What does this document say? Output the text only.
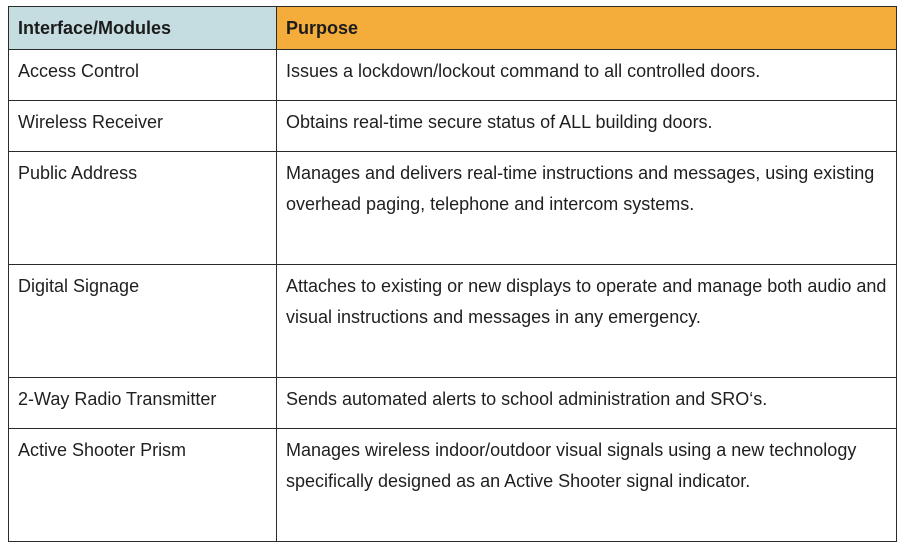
Interface/Modules	Purpose
Access Control	Issues a lockdown/lockout command to all controlled doors.
Wireless Receiver	Obtains real-time secure status of ALL building doors.
Public Address	Manages and delivers real-time instructions and messages, using existing overhead paging, telephone and intercom systems.
Digital Signage	Attaches to existing or new displays to operate and manage both audio and visual instructions and messages in any emergency.
2-Way Radio Transmitter	Sends automated alerts to school administration and SRO‘s.
Active Shooter Prism	Manages wireless indoor/outdoor visual signals using a new technology specifically designed as an Active Shooter signal indicator.
